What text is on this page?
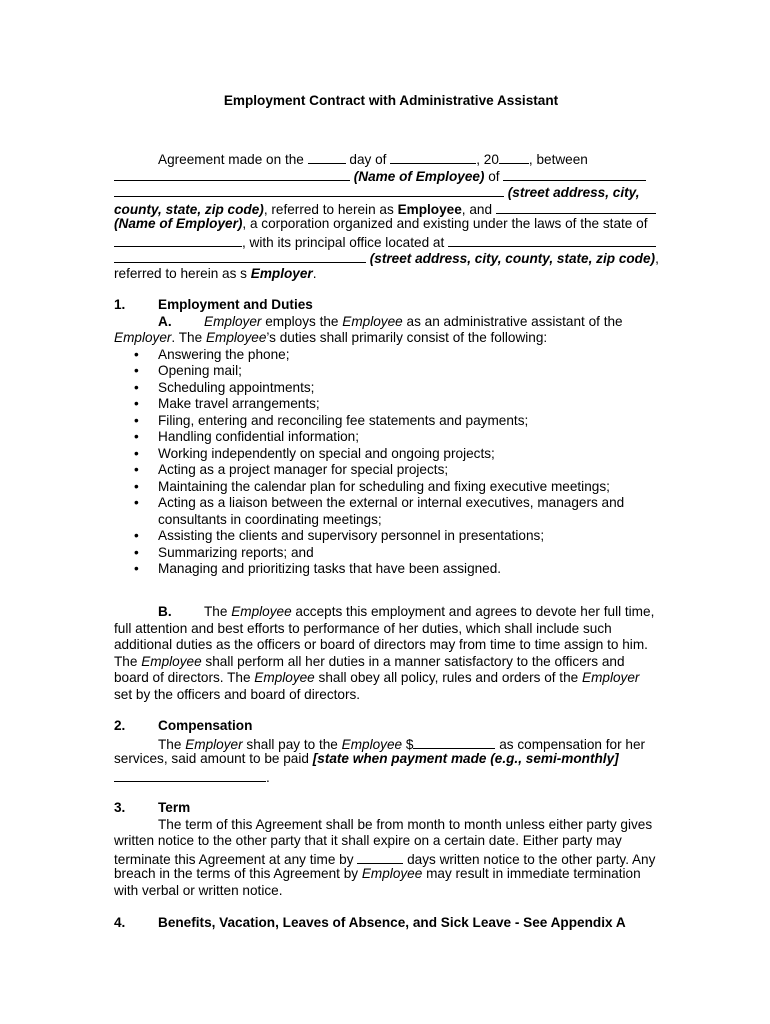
Employment Contract with Administrative Assistant
Agreement made on the	day of	, 20 , between
(Name of Employee) of
(street address, city,
county, state, zip code), referred to herein as Employee, and
(Name of Employer), a corporation organized and existing under the laws of the state of
, with its principal office located at
(street address, city, county, state, zip code),
referred to herein as s Employer.
1. Employment and Duties
A. Employer employs the Employee as an administrative assistant of the
Employer. The Employee’s duties shall primarily consist of the following:
• Answering the phone;
• Opening mail;
• Scheduling appointments;
• Make travel arrangements;
• Filing, entering and reconciling fee statements and payments;
• Handling confidential information;
• Working independently on special and ongoing projects;
• Acting as a project manager for special projects;
• Maintaining the calendar plan for scheduling and fixing executive meetings;
• Acting as a liaison between the external or internal executives, managers and consultants in coordinating meetings;
• Assisting the clients and supervisory personnel in presentations;
• Summarizing reports; and
• Managing and prioritizing tasks that have been assigned.
B. The Employee accepts this employment and agrees to devote her full time,
full attention and best efforts to performance of her duties, which shall include such
additional duties as the officers or board of directors may from time to time assign to him.
The Employee shall perform all her duties in a manner satisfactory to the officers and
board of directors. The Employee shall obey all policy, rules and orders of the Employer
set by the officers and board of directors.
2. Compensation
The Employer shall pay to the Employee $	as compensation for her
services, said amount to be paid [state when payment made (e.g., semi-monthly]
.
3. Term
The term of this Agreement shall be from month to month unless either party gives
written notice to the other party that it shall expire on a certain date. Either party may
terminate this Agreement at any time by	days written notice to the other party. Any
breach in the terms of this Agreement by Employee may result in immediate termination
with verbal or written notice.
4. Benefits, Vacation, Leaves of Absence, and Sick Leave - See Appendix A
